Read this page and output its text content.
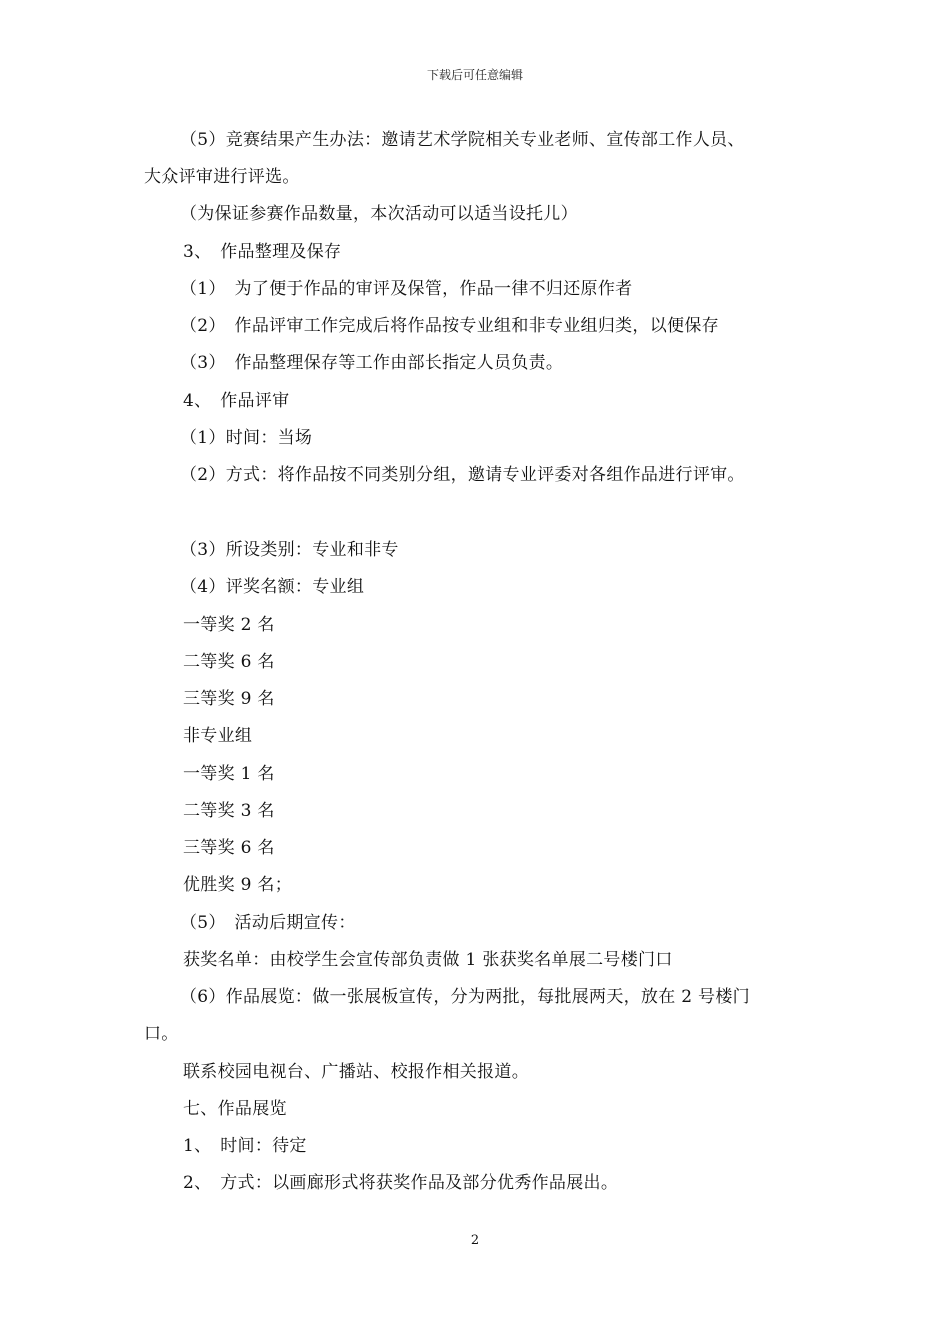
下载后可任意编辑
（5）竞赛结果产生办法：邀请艺术学院相关专业老师、宣传部工作人员、
大众评审进行评选。
（为保证参赛作品数量，本次活动可以适当设托儿）
3、　作品整理及保存
（1）　为了便于作品的审评及保管，作品一律不归还原作者
（2）　作品评审工作完成后将作品按专业组和非专业组归类，以便保存
（3）　作品整理保存等工作由部长指定人员负责。
4、　作品评审
（1）时间：当场
（2）方式：将作品按不同类别分组，邀请专业评委对各组作品进行评审。
（3）所设类别：专业和非专
（4）评奖名额：专业组
一等奖 2 名
二等奖 6 名
三等奖 9 名
非专业组
一等奖 1 名
二等奖 3 名
三等奖 6 名
优胜奖 9 名；
（5）　活动后期宣传：
获奖名单：由校学生会宣传部负责做 1 张获奖名单展二号楼门口
（6）作品展览：做一张展板宣传，分为两批，每批展两天，放在 2 号楼门
口。
联系校园电视台、广播站、校报作相关报道。
七、作品展览
1、　时间：待定
2、　方式：以画廊形式将获奖作品及部分优秀作品展出。
2
